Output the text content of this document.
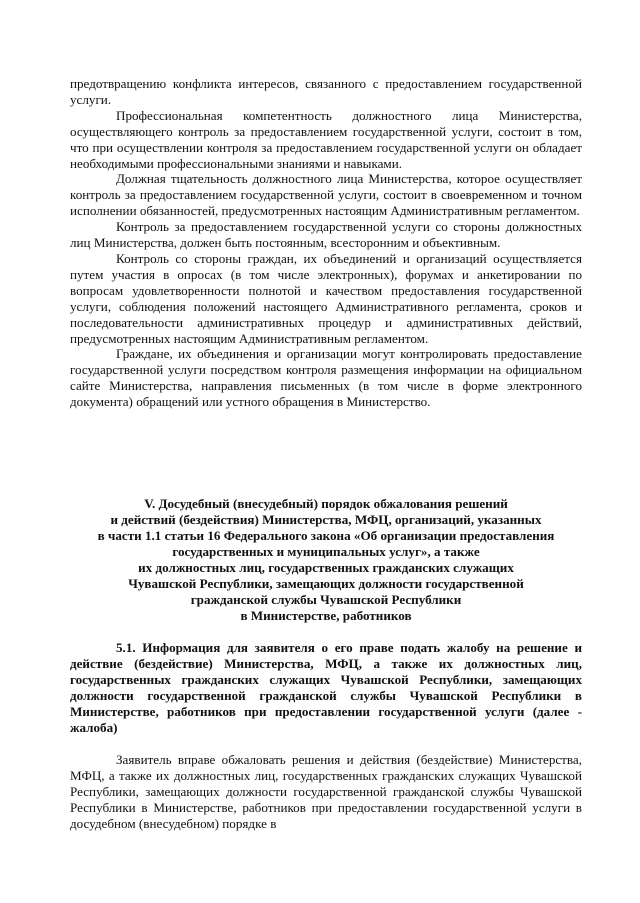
предотвращению конфликта интересов, связанного с предоставлением государственной услуги.

Профессиональная компетентность должностного лица Министерства, осуществляющего контроль за предоставлением государственной услуги, состоит в том, что при осуществлении контроля за предоставлением государственной услуги он обладает необходимыми профессиональными знаниями и навыками.

Должная тщательность должностного лица Министерства, которое осуществляет контроль за предоставлением государственной услуги, состоит в своевременном и точном исполнении обязанностей, предусмотренных настоящим Административным регламентом.

Контроль за предоставлением государственной услуги со стороны должностных лиц Министерства, должен быть постоянным, всесторонним и объективным.

Контроль со стороны граждан, их объединений и организаций осуществляется путем участия в опросах (в том числе электронных), форумах и анкетировании по вопросам удовлетворенности полнотой и качеством предоставления государственной услуги, соблюдения положений настоящего Административного регламента, сроков и последовательности административных процедур и административных действий, предусмотренных настоящим Административным регламентом.

Граждане, их объединения и организации могут контролировать предоставление государственной услуги посредством контроля размещения информации на официальном сайте Министерства, направления письменных (в том числе в форме электронного документа) обращений или устного обращения в Министерство.

V. Досудебный (внесудебный) порядок обжалования решений

и действий (бездействия) Министерства, МФЦ, организаций, указанных

в части 1.1 статьи 16 Федерального закона «Об организации предоставления

государственных и муниципальных услуг», а также

их должностных лиц, государственных гражданских служащих

Чувашской Республики, замещающих должности государственной

гражданской службы Чувашской Республики

в Министерстве, работников

5.1. Информация для заявителя о его праве подать жалобу на решение и действие (бездействие) Министерства, МФЦ, а также их должностных лиц, государственных гражданских служащих Чувашской Республики, замещающих должности государственной гражданской службы Чувашской Республики в Министерстве, работников при предоставлении государственной услуги (далее - жалоба)

Заявитель вправе обжаловать решения и действия (бездействие) Министерства, МФЦ, а также их должностных лиц, государственных гражданских служащих Чувашской Республики, замещающих должности государственной гражданской службы Чувашской Республики в Министерстве, работников при предоставлении государственной услуги в досудебном (внесудебном) порядке в
